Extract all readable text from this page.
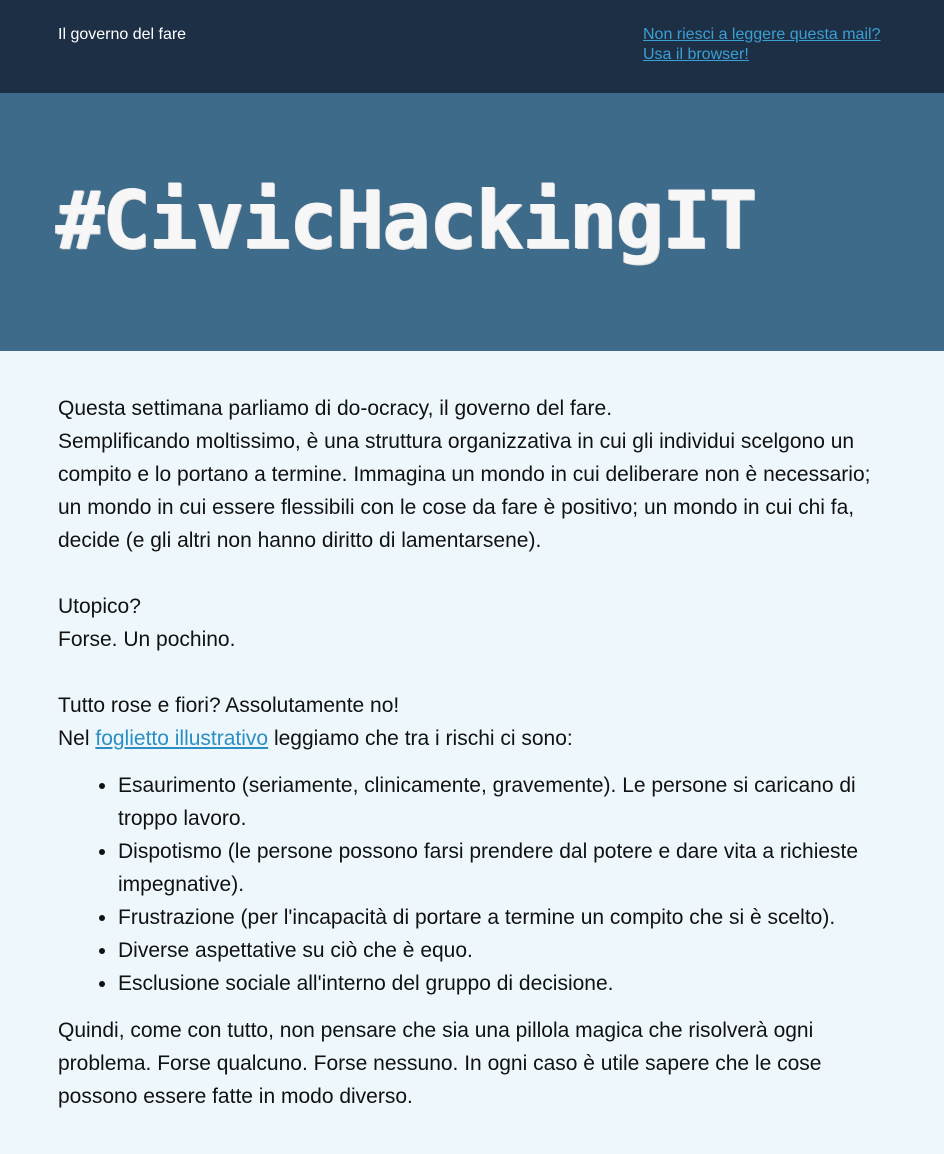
Il governo del fare	Non riesci a leggere questa mail?
Usa il browser!
#CivicHackingIT

Questa settimana parliamo di do-ocracy, il governo del fare.

Semplificando moltissimo, è una struttura organizzativa in cui gli individui scelgono un compito e lo portano a termine. Immagina un mondo in cui deliberare non è necessario; un mondo in cui essere flessibili con le cose da fare è positivo; un mondo in cui chi fa, decide (e gli altri non hanno diritto di lamentarsene).

Utopico?

Forse. Un pochino.

Tutto rose e fiori? Assolutamente no!

Nel foglietto illustrativo leggiamo che tra i rischi ci sono:

• Esaurimento (seriamente, clinicamente, gravemente). Le persone si caricano di troppo lavoro.
• Dispotismo (le persone possono farsi prendere dal potere e dare vita a richieste impegnative).
• Frustrazione (per l'incapacità di portare a termine un compito che si è scelto).
• Diverse aspettative su ciò che è equo.
• Esclusione sociale all'interno del gruppo di decisione.

Quindi, come con tutto, non pensare che sia una pillola magica che risolverà ogni problema. Forse qualcuno. Forse nessuno. In ogni caso è utile sapere che le cose possono essere fatte in modo diverso.
